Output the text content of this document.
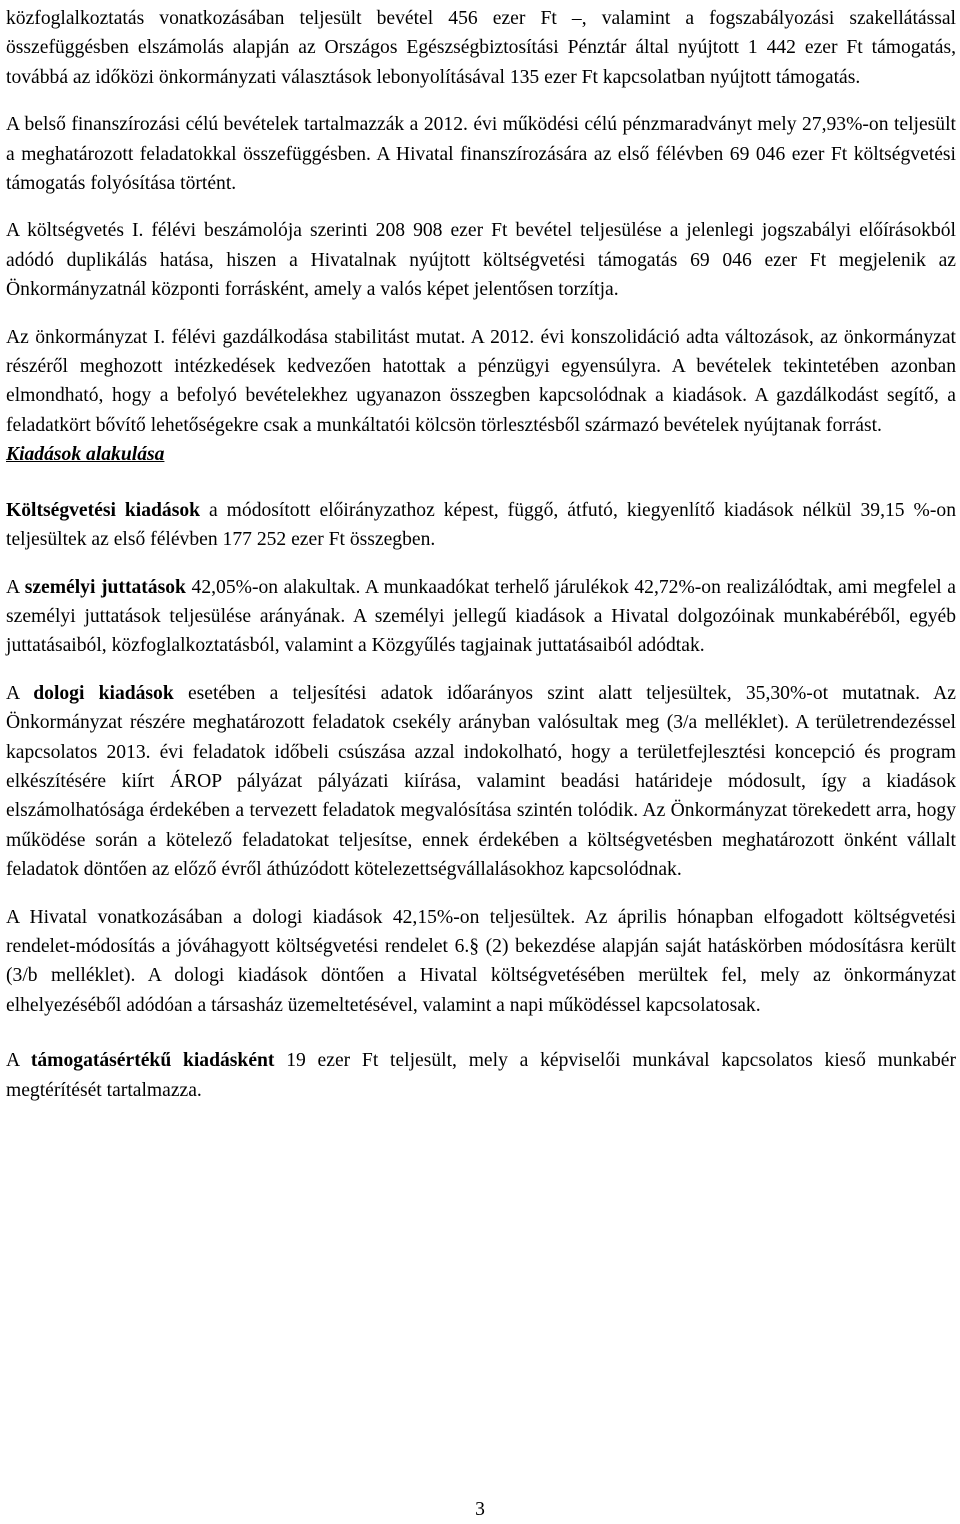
közfoglalkoztatás vonatkozásában teljesült bevétel 456 ezer Ft –, valamint a fogszabályozási szakellátással összefüggésben elszámolás alapján az Országos Egészségbiztosítási Pénztár által nyújtott 1 442 ezer Ft támogatás, továbbá az időközi önkormányzati választások lebonyolításával 135 ezer Ft kapcsolatban nyújtott támogatás.

A belső finanszírozási célú bevételek tartalmazzák a 2012. évi működési célú pénzmaradványt mely 27,93%-on teljesült a meghatározott feladatokkal összefüggésben. A Hivatal finanszírozására az első félévben 69 046 ezer Ft költségvetési támogatás folyósítása történt.

A költségvetés I. félévi beszámolója szerinti 208 908 ezer Ft bevétel teljesülése a jelenlegi jogszabályi előírásokból adódó duplikálás hatása, hiszen a Hivatalnak nyújtott költségvetési támogatás 69 046 ezer Ft megjelenik az Önkormányzatnál központi forrásként, amely a valós képet jelentősen torzítja.

Az önkormányzat I. félévi gazdálkodása stabilitást mutat. A 2012. évi konszolidáció adta változások, az önkormányzat részéről meghozott intézkedések kedvezően hatottak a pénzügyi egyensúlyra. A bevételek tekintetében azonban elmondható, hogy a befolyó bevételekhez ugyanazon összegben kapcsolódnak a kiadások. A gazdálkodást segítő, a feladatkört bővítő lehetőségekre csak a munkáltatói kölcsön törlesztésből származó bevételek nyújtanak forrást.

Kiadások alakulása

Költségvetési kiadások a módosított előirányzathoz képest, függő, átfutó, kiegyenlítő kiadások nélkül 39,15 %-on teljesültek az első félévben 177 252 ezer Ft összegben.

A személyi juttatások 42,05%-on alakultak. A munkaadókat terhelő járulékok 42,72%-on realizálódtak, ami megfelel a személyi juttatások teljesülése arányának. A személyi jellegű kiadások a Hivatal dolgozóinak munkabéréből, egyéb juttatásaiból, közfoglalkoztatásból, valamint a Közgyűlés tagjainak juttatásaiból adódtak.

A dologi kiadások esetében a teljesítési adatok időarányos szint alatt teljesültek, 35,30%-ot mutatnak. Az Önkormányzat részére meghatározott feladatok csekély arányban valósultak meg (3/a melléklet). A területrendezéssel kapcsolatos 2013. évi feladatok időbeli csúszása azzal indokolható, hogy a területfejlesztési koncepció és program elkészítésére kiírt ÁROP pályázat pályázati kiírása, valamint beadási határideje módosult, így a kiadások elszámolhatósága érdekében a tervezett feladatok megvalósítása szintén tolódik. Az Önkormányzat törekedett arra, hogy működése során a kötelező feladatokat teljesítse, ennek érdekében a költségvetésben meghatározott önként vállalt feladatok döntően az előző évről áthúzódott kötelezettségvállalásokhoz kapcsolódnak.

A Hivatal vonatkozásában a dologi kiadások 42,15%-on teljesültek. Az április hónapban elfogadott költségvetési rendelet-módosítás a jóváhagyott költségvetési rendelet 6.§ (2) bekezdése alapján saját hatáskörben módosításra került (3/b melléklet). A dologi kiadások döntően a Hivatal költségvetésében merültek fel, mely az önkormányzat elhelyezéséből adódóan a társasház üzemeltetésével, valamint a napi működéssel kapcsolatosak.

A támogatásértékű kiadásként 19 ezer Ft teljesült, mely a képviselői munkával kapcsolatos kieső munkabér megtérítését tartalmazza.

3
